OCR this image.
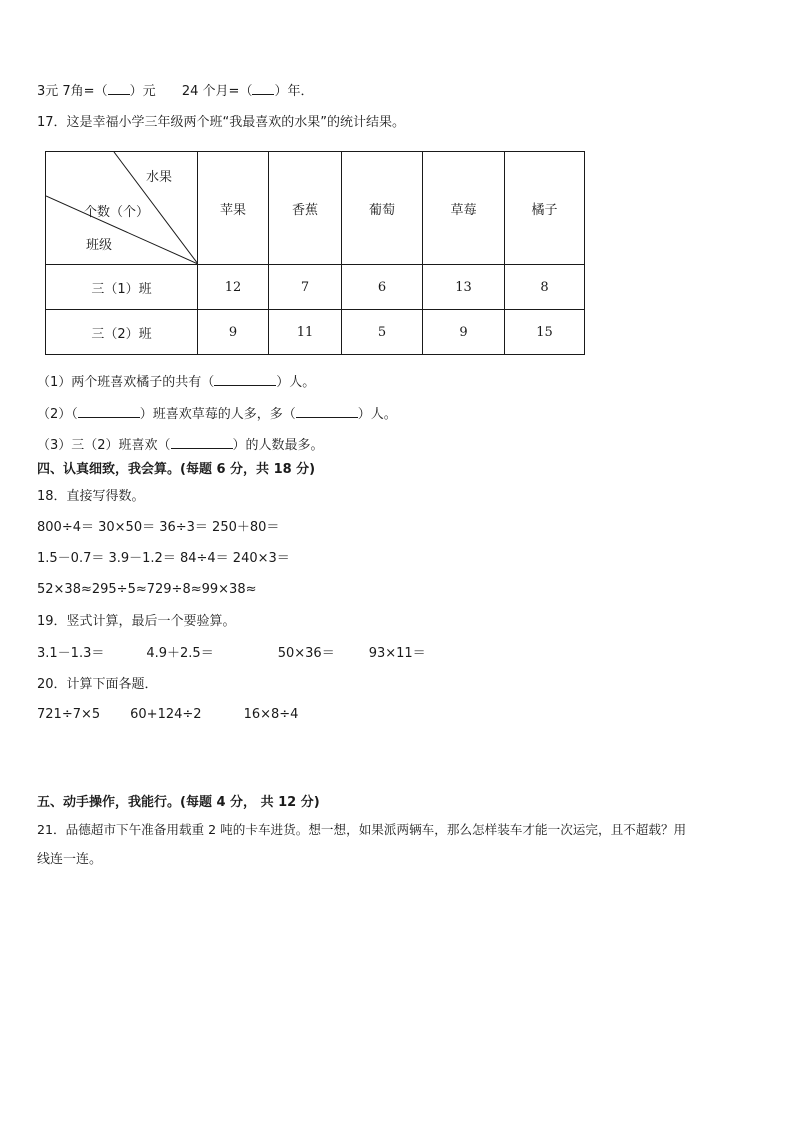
3元 7角=（ ）元 24 个月=（ ）年．
17．这是幸福小学三年级两个班“我最喜欢的水果”的统计结果。
水果
个数（个）
班级	苹果	香蕉	葡萄	草莓	橘子
三（1）班	12	7	6	13	8
三（2）班	9	11	5	9	15
（1）两个班喜欢橘子的共有（	）人。
（2）（	）班喜欢草莓的人多，多（	）人。
（3）三（2）班喜欢（	）的人数最多。
四、认真细致，我会算。(每题 6 分，共 18 分)
18．直接写得数。
800÷4＝ 30×50＝ 36÷3＝ 250＋80＝
1.5－0.7＝ 3.9－1.2＝ 84÷4＝ 240×3＝
52×38≈295÷5≈729÷8≈99×38≈
19．竖式计算，最后一个要验算。
3.1－1.3＝	4.9＋2.5＝	50×36＝	93×11＝
20．计算下面各题．
721÷7×5 60+124÷2	16×8÷4
五、动手操作，我能行。(每题 4 分， 共 12 分)
21．品德超市下午准备用载重 2 吨的卡车进货。想一想，如果派两辆车，那么怎样装车才能一次运完，且不超载？用
线连一连。
